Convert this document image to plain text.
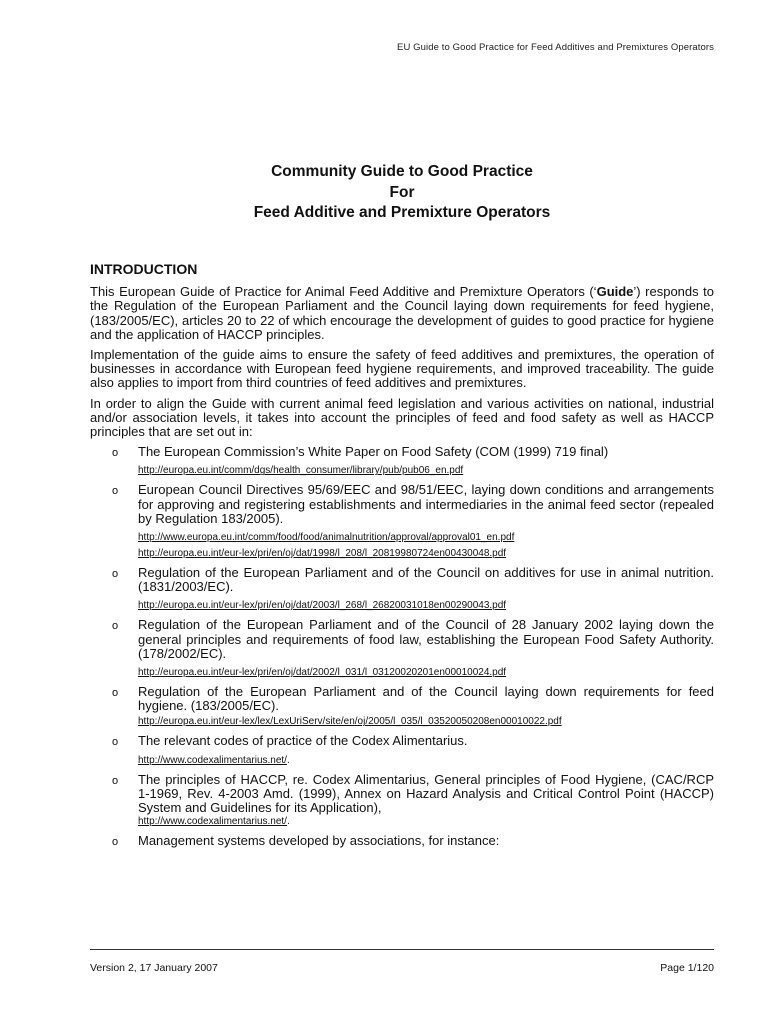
EU Guide to Good Practice for Feed Additives and Premixtures Operators
Community Guide to Good Practice
For
Feed Additive and Premixture Operators
INTRODUCTION

This European Guide of Practice for Animal Feed Additive and Premixture Operators (‘Guide’) responds to the Regulation of the European Parliament and the Council laying down requirements for feed hygiene, (183/2005/EC), articles 20 to 22 of which encourage the development of guides to good practice for hygiene and the application of HACCP principles.

Implementation of the guide aims to ensure the safety of feed additives and premixtures, the operation of businesses in accordance with European feed hygiene requirements, and improved traceability. The guide also applies to import from third countries of feed additives and premixtures.

In order to align the Guide with current animal feed legislation and various activities on national, industrial and/or association levels, it takes into account the principles of feed and food safety as well as HACCP principles that are set out in:

o The European Commission’s White Paper on Food Safety (COM (1999) 719 final)
http://europa.eu.int/comm/dgs/health_consumer/library/pub/pub06_en.pdf
o European Council Directives 95/69/EEC and 98/51/EEC, laying down conditions and arrangements for approving and registering establishments and intermediaries in the animal feed sector (repealed by Regulation 183/2005).
http://www.europa.eu.int/comm/food/food/animalnutrition/approval/approval01_en.pdf
http://europa.eu.int/eur-lex/pri/en/oj/dat/1998/l_208/l_20819980724en00430048.pdf
o Regulation of the European Parliament and of the Council on additives for use in animal nutrition. (1831/2003/EC).
http://europa.eu.int/eur-lex/pri/en/oj/dat/2003/l_268/l_26820031018en00290043.pdf
o Regulation of the European Parliament and of the Council of 28 January 2002 laying down the general principles and requirements of food law, establishing the European Food Safety Authority. (178/2002/EC).
http://europa.eu.int/eur-lex/pri/en/oj/dat/2002/l_031/l_03120020201en00010024.pdf
o Regulation of the European Parliament and of the Council laying down requirements for feed hygiene. (183/2005/EC).
http://europa.eu.int/eur-lex/lex/LexUriServ/site/en/oj/2005/l_035/l_03520050208en00010022.pdf
o The relevant codes of practice of the Codex Alimentarius.
http://www.codexalimentarius.net/.
o The principles of HACCP, re. Codex Alimentarius, General principles of Food Hygiene, (CAC/RCP 1-1969, Rev. 4-2003 Amd. (1999), Annex on Hazard Analysis and Critical Control Point (HACCP) System and Guidelines for its Application),
http://www.codexalimentarius.net/.
o Management systems developed by associations, for instance:
Version 2, 17 January 2007	Page 1/120
